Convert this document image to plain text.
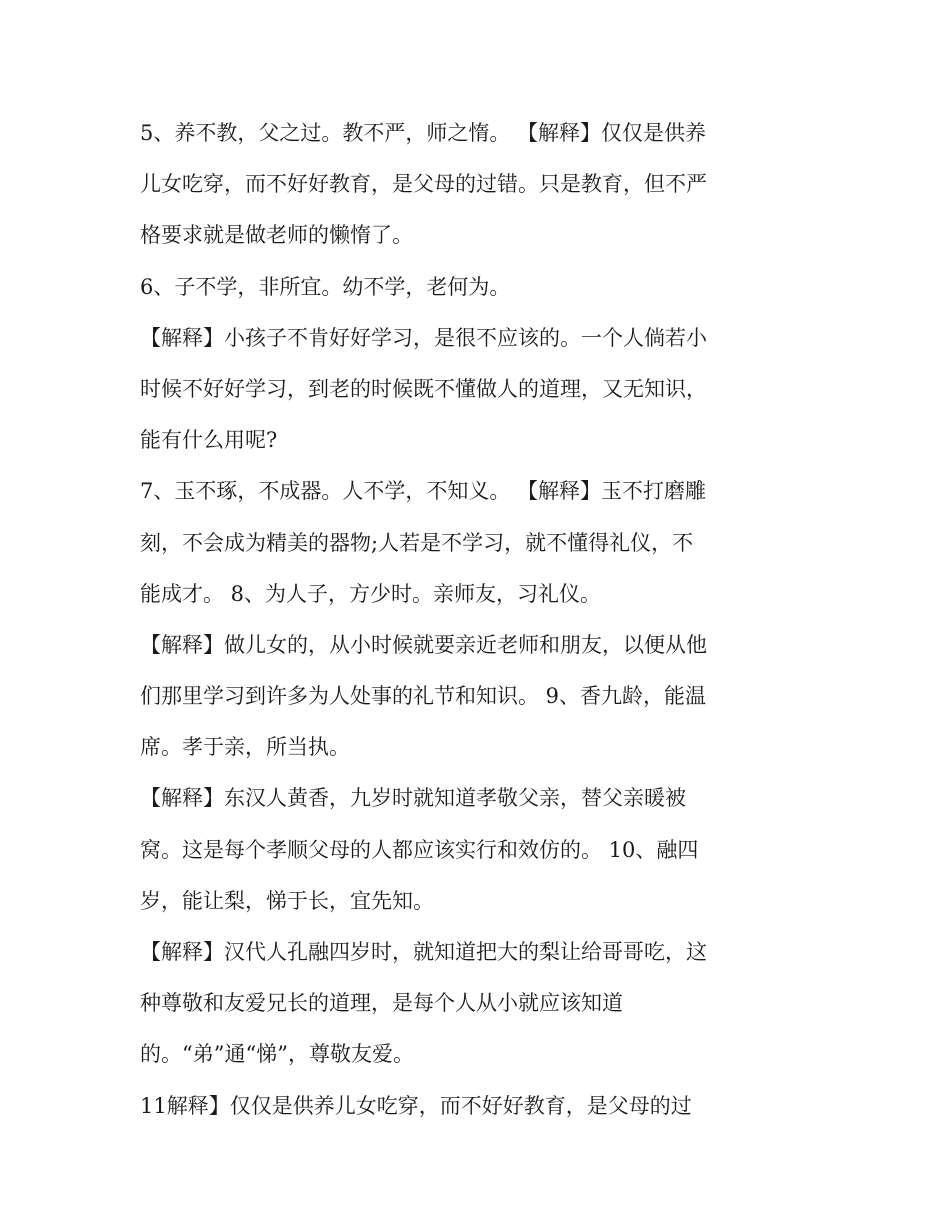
5、养不教，父之过。教不严，师之惰。 【解释】仅仅是供养
儿女吃穿，而不好好教育，是父母的过错。只是教育，但不严
格要求就是做老师的懒惰了。
6、子不学，非所宜。幼不学，老何为。
【解释】小孩子不肯好好学习，是很不应该的。一个人倘若小
时候不好好学习，到老的时候既不懂做人的道理，又无知识，
能有什么用呢?
7、玉不琢，不成器。人不学，不知义。 【解释】玉不打磨雕
刻，不会成为精美的器物;人若是不学习，就不懂得礼仪，不
能成才。 8、为人子，方少时。亲师友，习礼仪。
【解释】做儿女的，从小时候就要亲近老师和朋友，以便从他
们那里学习到许多为人处事的礼节和知识。 9、香九龄，能温
席。孝于亲，所当执。
【解释】东汉人黄香，九岁时就知道孝敬父亲，替父亲暖被
窝。这是每个孝顺父母的人都应该实行和效仿的。 10、融四
岁，能让梨，悌于长，宜先知。
【解释】汉代人孔融四岁时，就知道把大的梨让给哥哥吃，这
种尊敬和友爱兄长的道理，是每个人从小就应该知道
的。“弟”通“悌”，尊敬友爱。
11解释】仅仅是供养儿女吃穿，而不好好教育，是父母的过
